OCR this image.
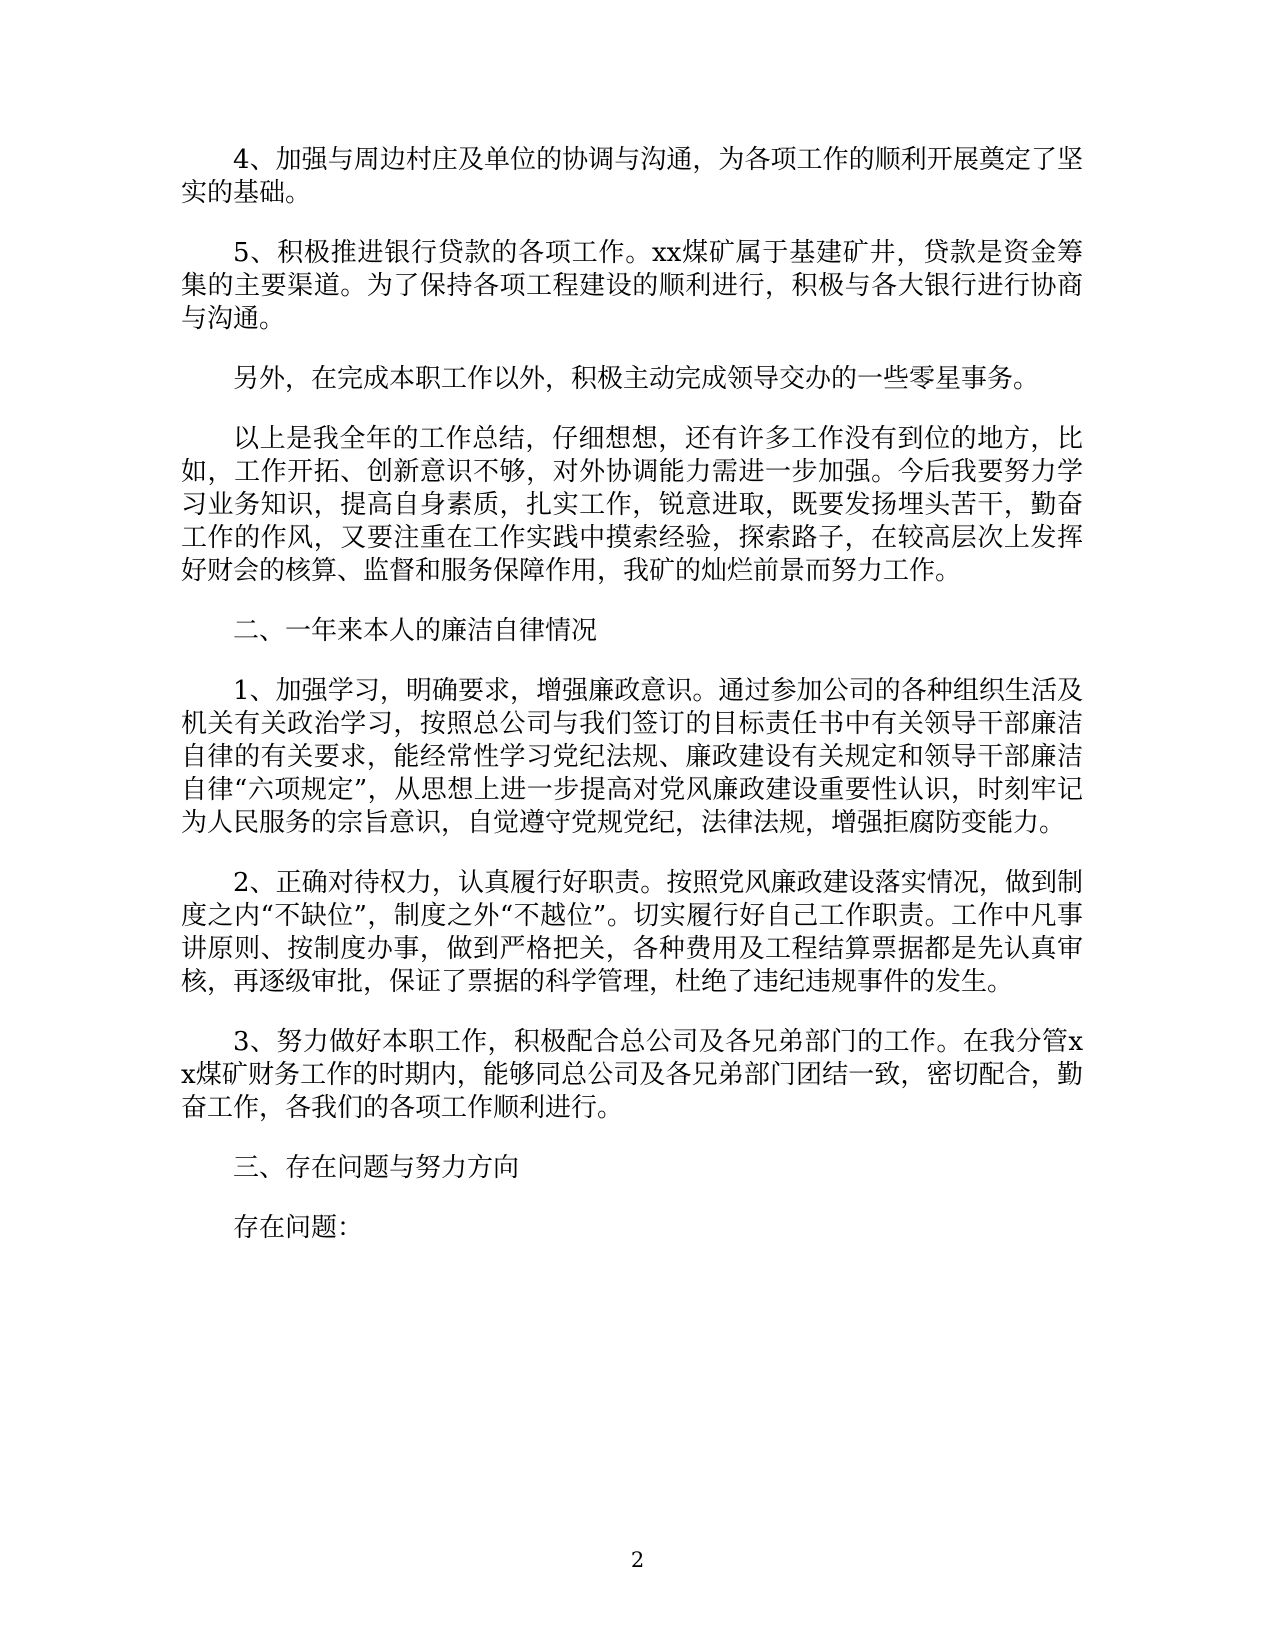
4、加强与周边村庄及单位的协调与沟通，为各项工作的顺利开展奠定了坚实的基础。

5、积极推进银行贷款的各项工作。xx煤矿属于基建矿井，贷款是资金筹集的主要渠道。为了保持各项工程建设的顺利进行，积极与各大银行进行协商与沟通。

另外，在完成本职工作以外，积极主动完成领导交办的一些零星事务。

以上是我全年的工作总结，仔细想想，还有许多工作没有到位的地方，比如，工作开拓、创新意识不够，对外协调能力需进一步加强。今后我要努力学习业务知识，提高自身素质，扎实工作，锐意进取，既要发扬埋头苦干，勤奋工作的作风，又要注重在工作实践中摸索经验，探索路子，在较高层次上发挥好财会的核算、监督和服务保障作用，我矿的灿烂前景而努力工作。

二、一年来本人的廉洁自律情况

1、加强学习，明确要求，增强廉政意识。通过参加公司的各种组织生活及机关有关政治学习，按照总公司与我们签订的目标责任书中有关领导干部廉洁自律的有关要求，能经常性学习党纪法规、廉政建设有关规定和领导干部廉洁自律“六项规定”，从思想上进一步提高对党风廉政建设重要性认识，时刻牢记为人民服务的宗旨意识，自觉遵守党规党纪，法律法规，增强拒腐防变能力。

2、正确对待权力，认真履行好职责。按照党风廉政建设落实情况，做到制度之内“不缺位”，制度之外“不越位”。切实履行好自己工作职责。工作中凡事讲原则、按制度办事，做到严格把关，各种费用及工程结算票据都是先认真审核，再逐级审批，保证了票据的科学管理，杜绝了违纪违规事件的发生。

3、努力做好本职工作，积极配合总公司及各兄弟部门的工作。在我分管xx煤矿财务工作的时期内，能够同总公司及各兄弟部门团结一致，密切配合，勤奋工作，各我们的各项工作顺利进行。

三、存在问题与努力方向

存在问题：

2
